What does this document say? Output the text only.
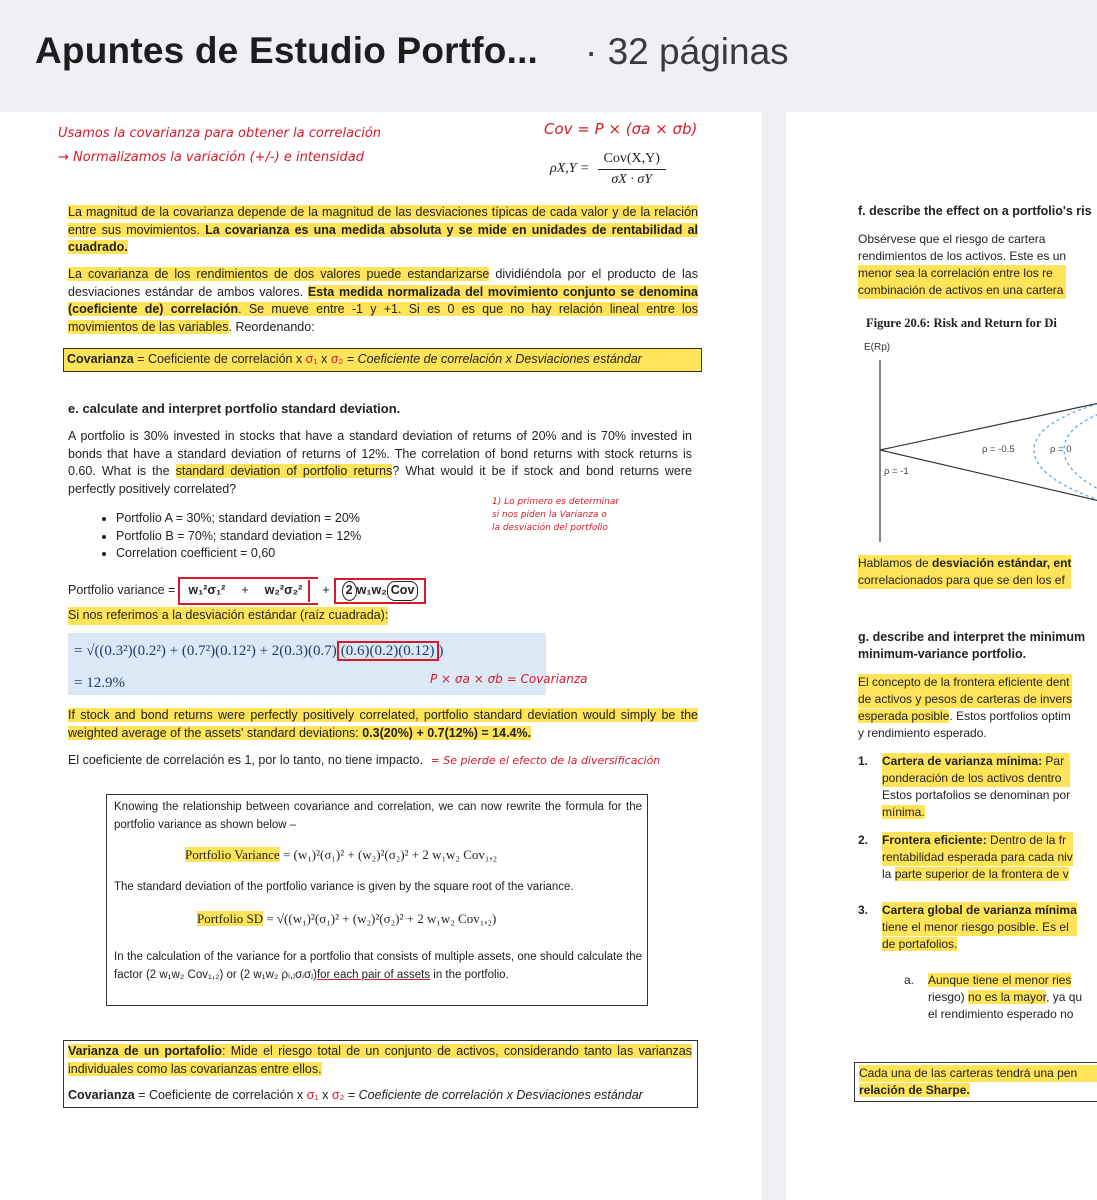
Apuntes de Estudio Portfo... · 32 páginas
Usamos la covarianza para obtener la correlación
→ Normalizamos la variación (+/-) e intensidad
Cov = P × (σa × σb)
ρX,Y =
Cov(X,Y)
σX · σY
La magnitud de la covarianza depende de la magnitud de las desviaciones típicas de cada valor y de la relación entre sus movimientos. La covarianza es una medida absoluta y se mide en unidades de rentabilidad al cuadrado.
La covarianza de los rendimientos de dos valores puede estandarizarse dividiéndola por el producto de las desviaciones estándar de ambos valores. Esta medida normalizada del movimiento conjunto se denomina (coeficiente de) correlación. Se mueve entre -1 y +1. Si es 0 es que no hay relación lineal entre los movimientos de las variables. Reordenando:
Covarianza = Coeficiente de correlación x σ₁ x σ₂ = Coeficiente de correlación x Desviaciones estándar
e. calculate and interpret portfolio standard deviation.
A portfolio is 30% invested in stocks that have a standard deviation of returns of 20% and is 70% invested in bonds that have a standard deviation of returns of 12%. The correlation of bond returns with stock returns is 0.60. What is the standard deviation of portfolio returns? What would it be if stock and bond returns were perfectly positively correlated?
• Portfolio A = 30%; standard deviation = 20%
• Portfolio B = 70%; standard deviation = 12%
• Correlation coefficient = 0,60
1) Lo primero es determinar
si nos piden la Varianza o
la desviación del portfolio
Portfolio variance = w₁²σ₁² + w₂²σ₂² +	2 w₁w₂ Cov
Si nos referimos a la desviación estándar (raíz cuadrada):
= √((0.3²)(0.2²) + (0.7²)(0.12²) + 2(0.3)(0.7) (0.6)(0.2)(0.12) )
= 12.9%	P × σa × σb = Covarianza
If stock and bond returns were perfectly positively correlated, portfolio standard deviation would simply be the weighted average of the assets' standard deviations: 0.3(20%) + 0.7(12%) = 14.4%.
El coeficiente de correlación es 1, por lo tanto, no tiene impacto. = Se pierde el efecto de la diversificación
Knowing the relationship between covariance and correlation, we can now rewrite the formula for the portfolio variance as shown below –
Portfolio Variance = (w₁)²(σ₁)² + (w₂)²(σ₂)² + 2 w₁w₂ Cov₁,₂
The standard deviation of the portfolio variance is given by the square root of the variance.
Portfolio SD = √((w₁)²(σ₁)² + (w₂)²(σ₂)² + 2 w₁w₂ Cov₁,₂)
In the calculation of the variance for a portfolio that consists of multiple assets, one should calculate the factor (2 w₁w₂ Cov₁,₂) or (2 w₁w₂ ρᵢ,ⱼσᵢσⱼ)for each pair of assets in the portfolio.
Varianza de un portafolio: Mide el riesgo total de un conjunto de activos, considerando tanto las varianzas individuales como las covarianzas entre ellos.
Covarianza = Coeficiente de correlación x σ₁ x σ₂ = Coeficiente de correlación x Desviaciones estándar
f. describe the effect on a portfolio's ris
Obsérvese que el riesgo de cartera
rendimientos de los activos. Este es un
menor sea la correlación entre los re
combinación de activos en una cartera
Figure 20.6: Risk and Return for Di
E(Rp)
ρ = -0.5	ρ = 0
ρ = -1
Hablamos de desviación estándar, ent
correlacionados para que se den los ef
g. describe and interpret the minimum
minimum-variance portfolio.
El concepto de la frontera eficiente dent
de activos y pesos de carteras de invers
esperada posible. Estos portfolios optim
y rendimiento esperado.
1. Cartera de varianza mínima: Par
ponderación de los activos dentro
Estos portafolios se denominan por
mínima.
2. Frontera eficiente: Dentro de la fr
rentabilidad esperada para cada niv
la parte superior de la frontera de v
3. Cartera global de varianza mínima
tiene el menor riesgo posible. Es el
de portafolios.
a. Aunque tiene el menor ries
riesgo) no es la mayor, ya qu
el rendimiento esperado no
Cada una de las carteras tendrá una pen
relación de Sharpe.
